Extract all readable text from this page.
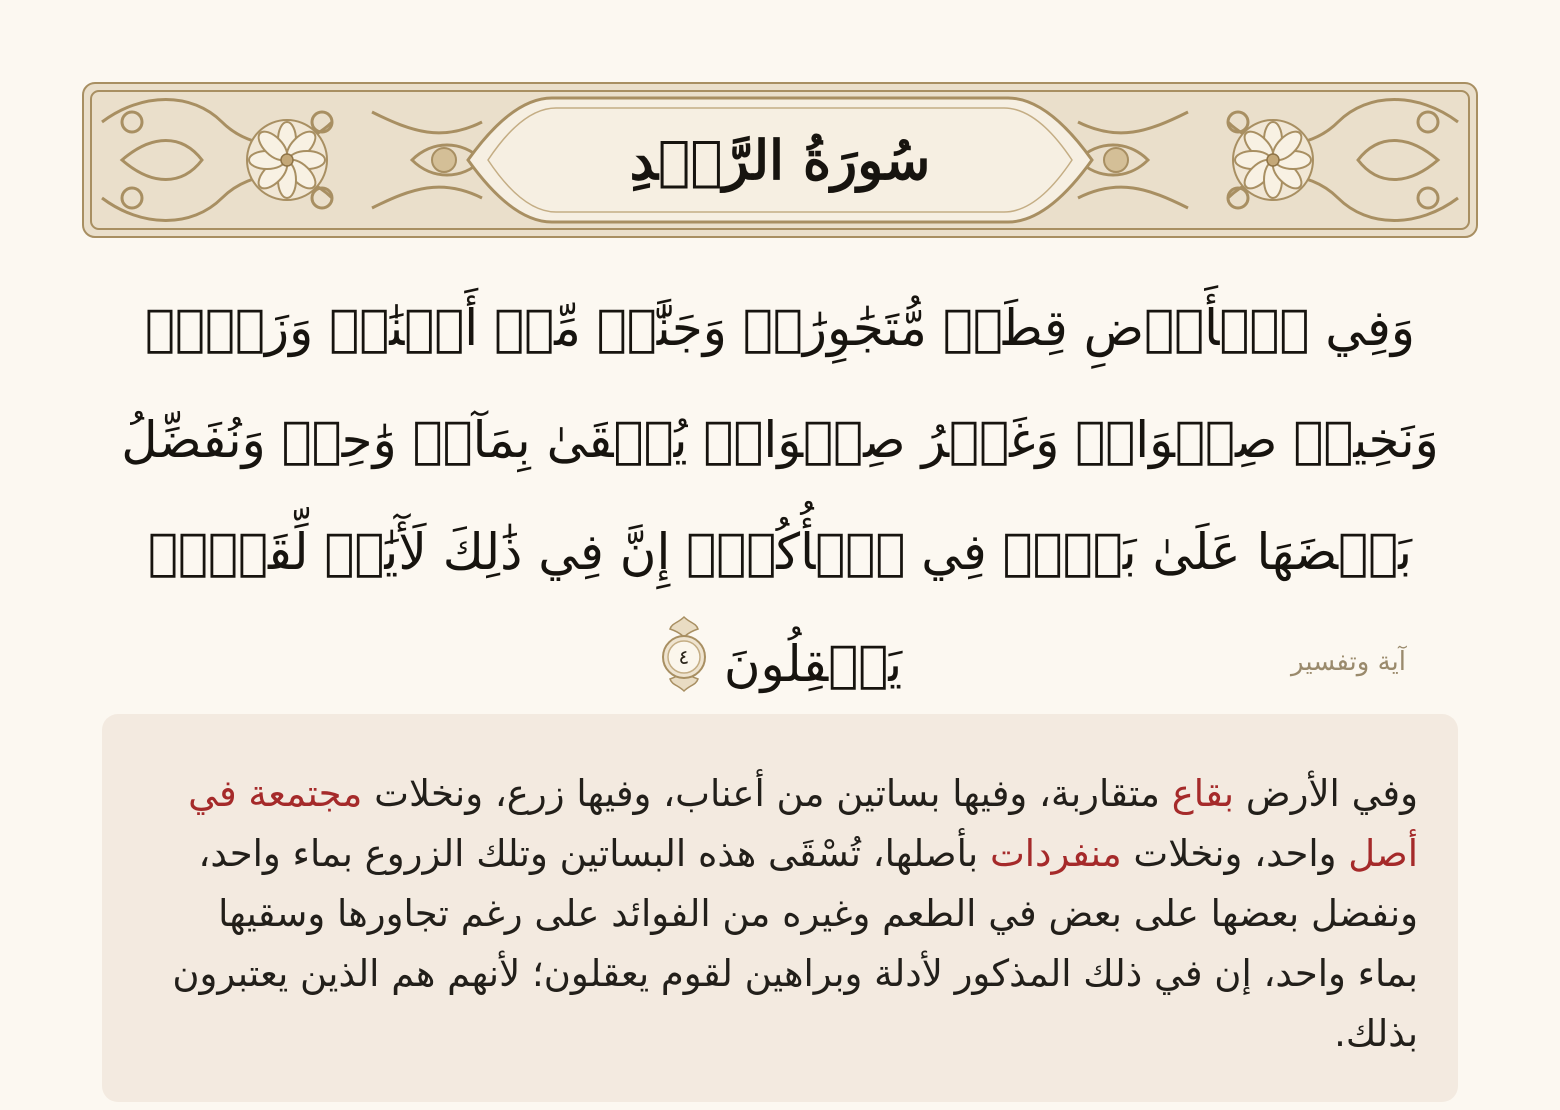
سُورَةُ الرَّعۡدِ
وَفِي ٱلۡأَرۡضِ قِطَعٞ مُّتَجَٰوِرَٰتٞ وَجَنَّٰتٞ مِّنۡ أَعۡنَٰبٖ وَزَرۡعٞ وَنَخِيلٞ صِنۡوَانٞ وَغَيۡرُ صِنۡوَانٖ يُسۡقَىٰ بِمَآءٖ وَٰحِدٖ وَنُفَضِّلُ بَعۡضَهَا عَلَىٰ بَعۡضٖ فِي ٱلۡأُكُلِۚ إِنَّ فِي ذَٰلِكَ لَأٓيَٰتٖ لِّقَوۡمٖ يَعۡقِلُونَ
٤	آية وتفسير
وفي الأرض بقاع متقاربة، وفيها بساتين من أعناب، وفيها زرع، ونخلات مجتمعة في أصل واحد، ونخلات منفردات بأصلها، تُسْقَى هذه البساتين وتلك الزروع بماء واحد، ونفضل بعضها على بعض في الطعم وغيره من الفوائد على رغم تجاورها وسقيها بماء واحد، إن في ذلك المذكور لأدلة وبراهين لقوم يعقلون؛ لأنهم هم الذين يعتبرون بذلك.
